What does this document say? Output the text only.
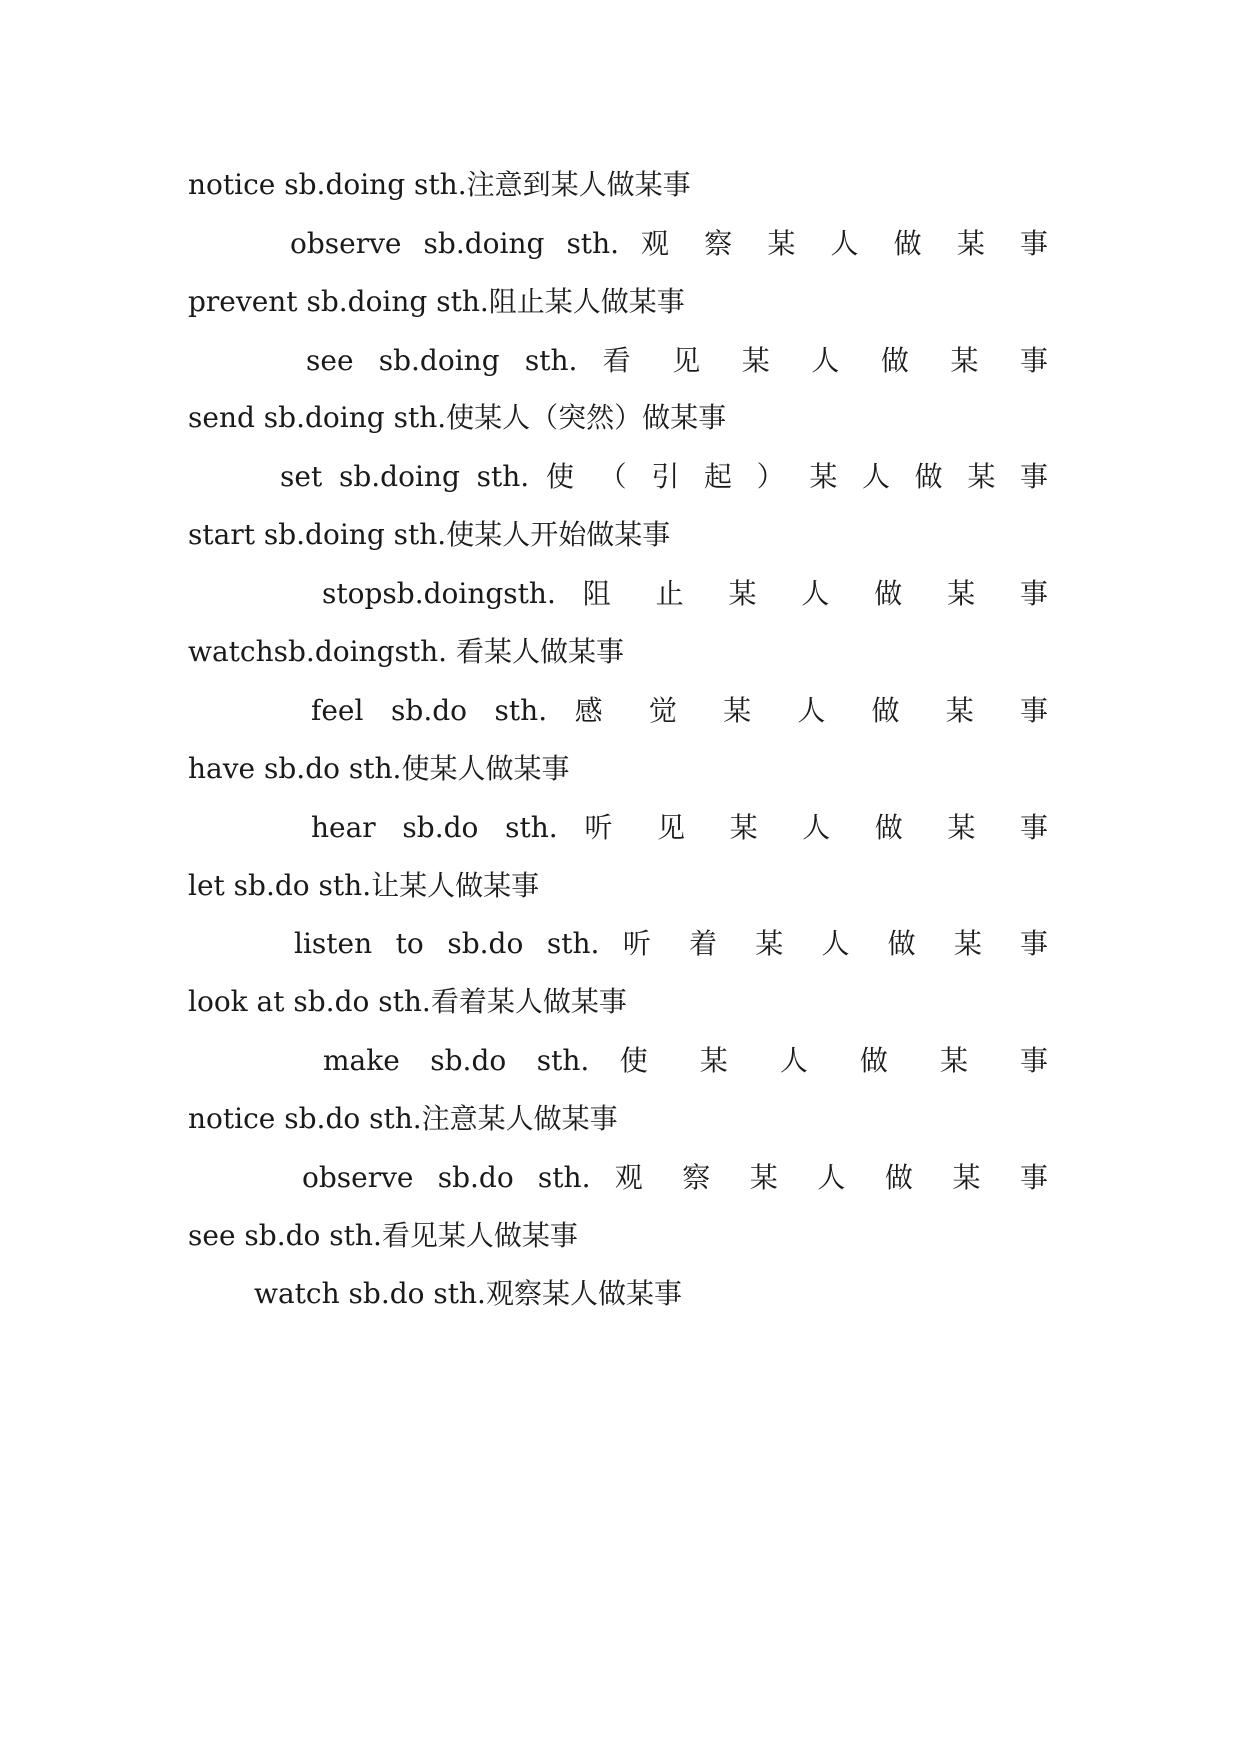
notice sb.doing sth.注意到某人做某事
observe sb.doing sth. 观 察 某 人 做 某 事
prevent sb.doing sth.阻止某人做某事
see sb.doing sth. 看 见 某 人 做 某 事
send sb.doing sth.使某人（突然）做某事
set sb.doing sth. 使 （ 引 起 ） 某 人 做 某 事
start sb.doing sth.使某人开始做某事
stopsb.doingsth. 阻 止 某 人 做 某 事
watchsb.doingsth. 看某人做某事
feel sb.do sth. 感 觉 某 人 做 某 事
have sb.do sth.使某人做某事
hear sb.do sth. 听 见 某 人 做 某 事
let sb.do sth.让某人做某事
listen to sb.do sth. 听 着 某 人 做 某 事
look at sb.do sth.看着某人做某事
make sb.do sth. 使 某 人 做 某 事
notice sb.do sth.注意某人做某事
observe sb.do sth. 观 察 某 人 做 某 事
see sb.do sth.看见某人做某事
watch sb.do sth.观察某人做某事
